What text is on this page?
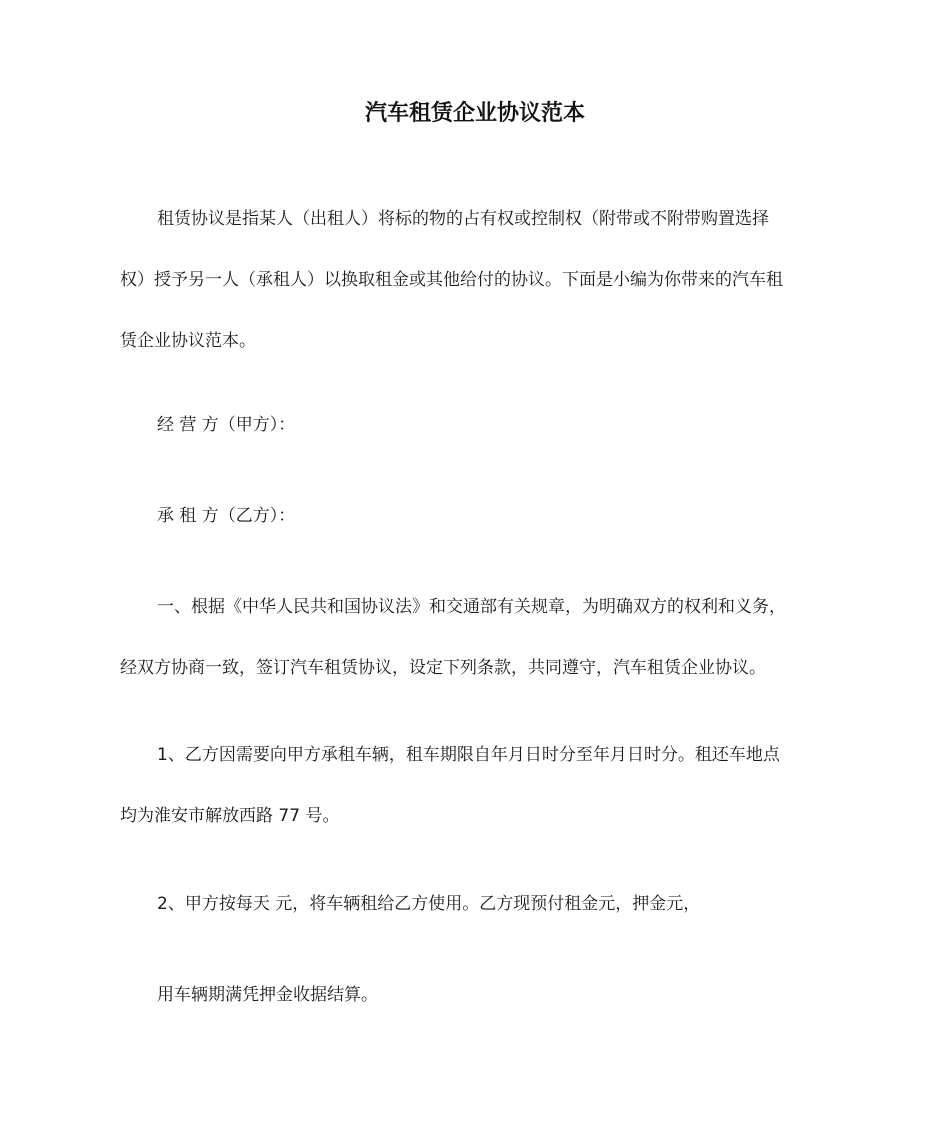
汽车租赁企业协议范本
租赁协议是指某人（出租人）将标的物的占有权或控制权（附带或不附带购置选择
权）授予另一人（承租人）以换取租金或其他给付的协议。下面是小编为你带来的汽车租
赁企业协议范本。
经 营 方（甲方）：
承 租 方（乙方）：
一、根据《中华人民共和国协议法》和交通部有关规章，为明确双方的权利和义务，
经双方协商一致，签订汽车租赁协议，设定下列条款，共同遵守，汽车租赁企业协议。
1、乙方因需要向甲方承租车辆，租车期限自年月日时分至年月日时分。租还车地点
均为淮安市解放西路 77 号。
2、甲方按每天 元，将车辆租给乙方使用。乙方现预付租金元，押金元，
用车辆期满凭押金收据结算。
